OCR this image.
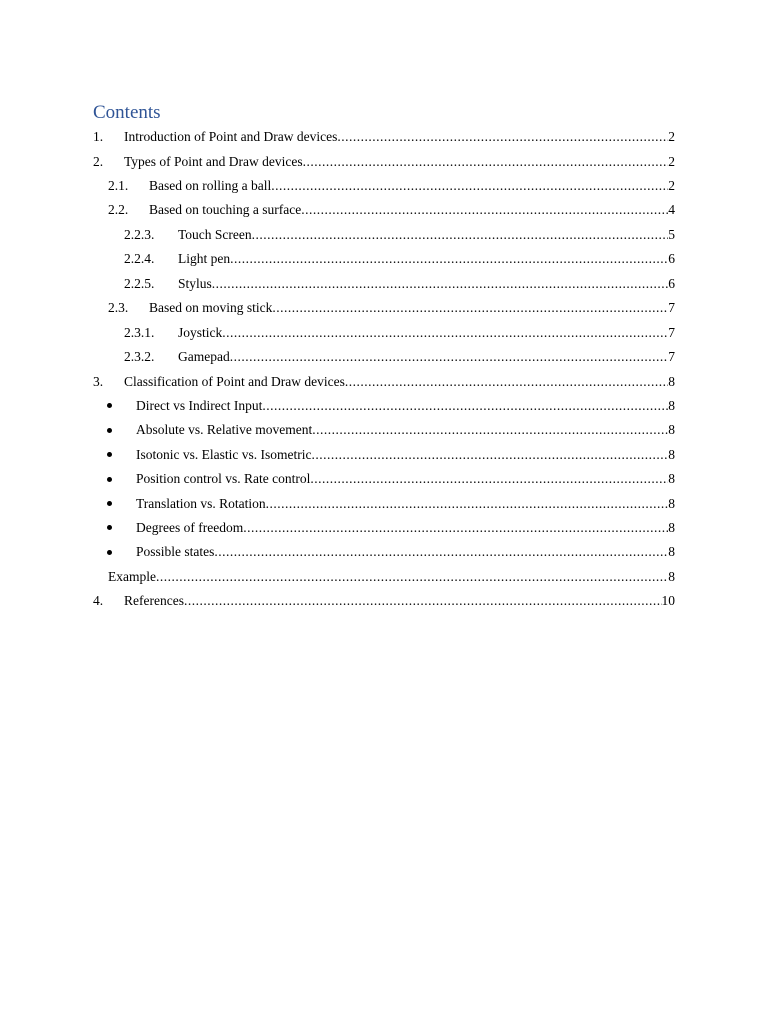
Contents
1.	Introduction of Point and Draw devices .....	2
2.	Types of Point and Draw devices .....	2
2.1.	Based on rolling a ball .....	2
2.2.	Based on touching a surface .....	4
2.2.3.	Touch Screen .....	5
2.2.4.	Light pen .....	6
2.2.5.	Stylus .....	6
2.3.	Based on moving stick .....	7
2.3.1.	Joystick .....	7
2.3.2.	Gamepad .....	7
3.	Classification of Point and Draw devices .....	8
Direct vs Indirect Input .....	8
Absolute vs. Relative movement .....	8
Isotonic vs. Elastic vs. Isometric .....	8
Position control vs. Rate control .....	8
Translation vs. Rotation .....	8
Degrees of freedom .....	8
Possible states .....	8
Example .....	8
4.	References .....	10
